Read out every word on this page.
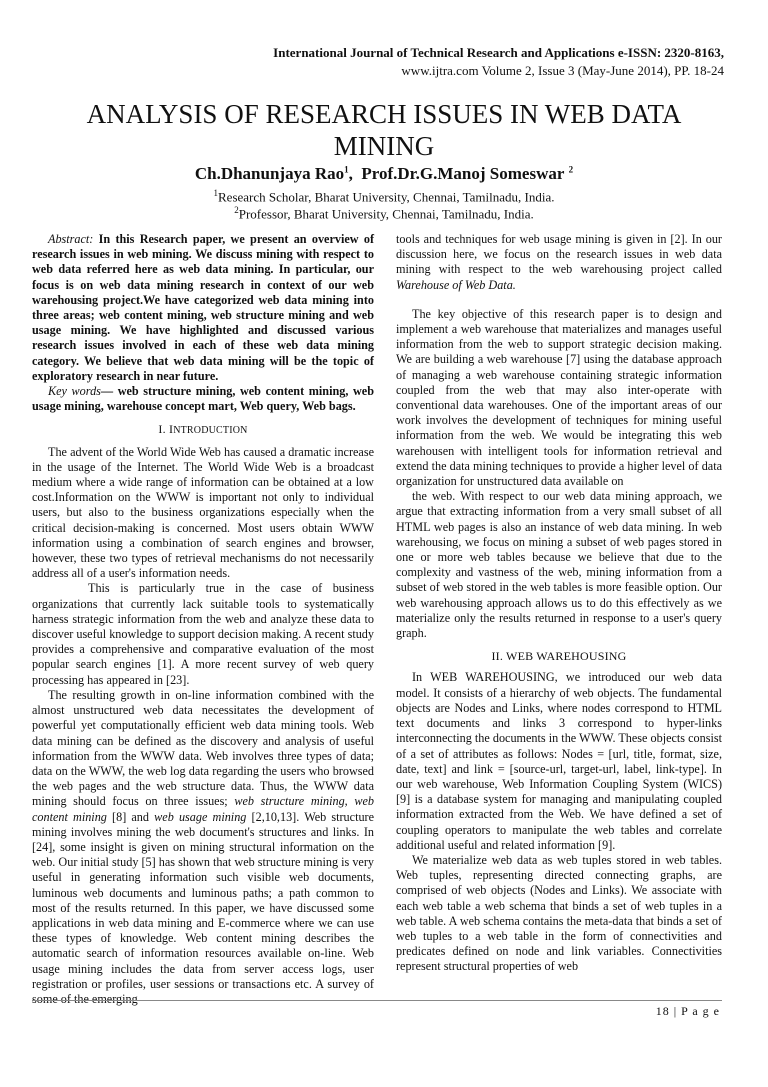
International Journal of Technical Research and Applications e-ISSN: 2320-8163,
www.ijtra.com Volume 2, Issue 3 (May-June 2014), PP. 18-24
ANALYSIS OF RESEARCH ISSUES IN WEB DATA MINING
Ch.Dhanunjaya Rao$^1$,  Prof.Dr.G.Manoj Someswar $^2$
$^1$Research Scholar, Bharat University, Chennai, Tamilnadu, India.
$^2$Professor, Bharat University, Chennai, Tamilnadu, India.

Abstract: In this Research paper, we present an overview of research issues in web mining. We discuss mining with respect to web data referred here as web data mining. In particular, our focus is on web data mining research in context of our web warehousing project.We have categorized web data mining into three areas; web content mining, web structure mining and web usage mining. We have highlighted and discussed various research issues involved in each of these web data mining category. We believe that web data mining will be the topic of exploratory research in near future.

Key words— web structure mining, web content mining, web usage mining, warehouse concept mart, Web query, Web bags.

I. INTRODUCTION

The advent of the World Wide Web has caused a dramatic increase in the usage of the Internet. The World Wide Web is a broadcast medium where a wide range of information can be obtained at a low cost.Information on the WWW is important not only to individual users, but also to the business organizations especially when the critical decision-making is concerned. Most users obtain WWW information using a combination of search engines and browser, however, these two types of retrieval mechanisms do not necessarily address all of a user's information needs.

This is particularly true in the case of business organizations that currently lack suitable tools to systematically harness strategic information from the web and analyze these data to discover useful knowledge to support decision making. A recent study provides a comprehensive and comparative evaluation of the most popular search engines [1]. A more recent survey of web query processing has appeared in [23].

The resulting growth in on-line information combined with the almost unstructured web data necessitates the development of powerful yet computationally efficient web data mining tools. Web data mining can be defined as the discovery and analysis of useful information from the WWW data. Web involves three types of data; data on the WWW, the web log data regarding the users who browsed the web pages and the web structure data. Thus, the WWW data mining should focus on three issues; web structure mining, web content mining [8] and web usage mining [2,10,13]. Web structure mining involves mining the web document's structures and links. In [24], some insight is given on mining structural information on the web. Our initial study [5] has shown that web structure mining is very useful in generating information such visible web documents, luminous web documents and luminous paths; a path common to most of the results returned. In this paper, we have discussed some applications in web data mining and E-commerce where we can use these types of knowledge. Web content mining describes the automatic search of information resources available on-line. Web usage mining includes the data from server access logs, user registration or profiles, user sessions or transactions etc. A survey of some of the emerging

tools and techniques for web usage mining is given in [2]. In our discussion here, we focus on the research issues in web data mining with respect to the web warehousing project called Warehouse of Web Data.

The key objective of this research paper is to design and implement a web warehouse that materializes and manages useful information from the web to support strategic decision making. We are building a web warehouse [7] using the database approach of managing a web warehouse containing strategic information coupled from the web that may also inter-operate with conventional data warehouses. One of the important areas of our work involves the development of techniques for mining useful information from the web. We would be integrating this web warehousen with intelligent tools for information retrieval and extend the data mining techniques to provide a higher level of data organization for unstructured data available on

the web. With respect to our web data mining approach, we argue that extracting information from a very small subset of all HTML web pages is also an instance of web data mining. In web warehousing, we focus on mining a subset of web pages stored in one or more web tables because we believe that due to the complexity and vastness of the web, mining information from a subset of web stored in the web tables is more feasible option. Our web warehousing approach allows us to do this effectively as we materialize only the results returned in response to a user's query graph.

II. WEB WAREHOUSING

In WEB WAREHOUSING, we introduced our web data model. It consists of a hierarchy of web objects. The fundamental objects are Nodes and Links, where nodes correspond to HTML text documents and links 3 correspond to hyper-links interconnecting the documents in the WWW. These objects consist of a set of attributes as follows: Nodes = [url, title, format, size, date, text] and link = [source-url, target-url, label, link-type]. In our web warehouse, Web Information Coupling System (WICS) [9] is a database system for managing and manipulating coupled information extracted from the Web. We have defined a set of coupling operators to manipulate the web tables and correlate additional useful and related information [9].

We materialize web data as web tuples stored in web tables. Web tuples, representing directed connecting graphs, are comprised of web objects (Nodes and Links). We associate with each web table a web schema that binds a set of web tuples in a web table. A web schema contains the meta-data that binds a set of web tuples to a web table in the form of connectivities and predicates defined on node and link variables. Connectivities represent structural properties of web

18 | P a g e
